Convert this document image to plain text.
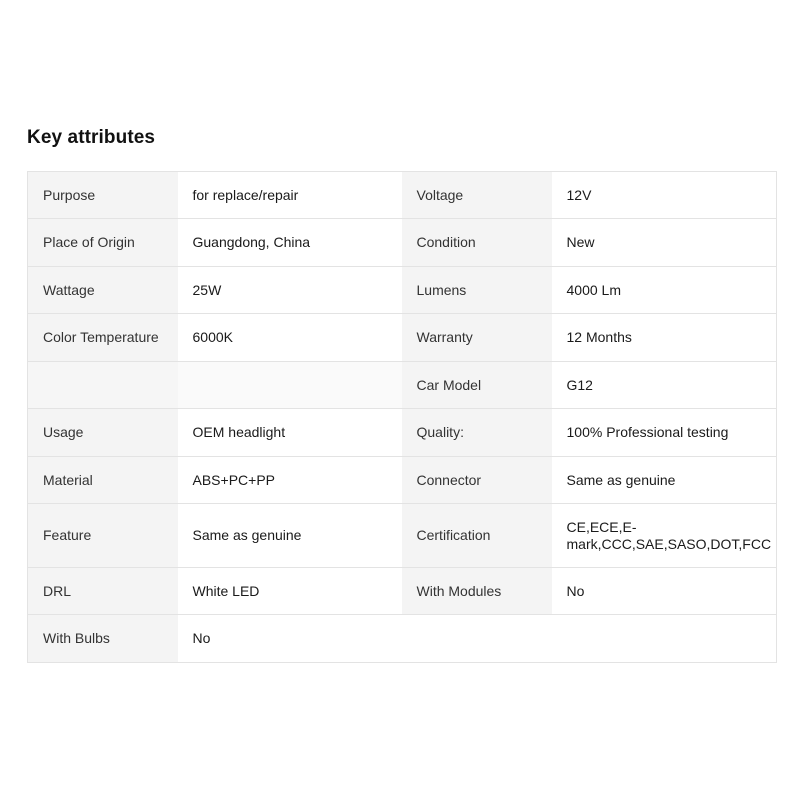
Key attributes
Purpose	for replace/repair	Voltage	12V
Place of Origin	Guangdong, China	Condition	New
Wattage	25W	Lumens	4000 Lm
Color Temperature	6000K	Warranty	12 Months
		Car Model	G12
Usage	OEM headlight	Quality:	100% Professional testing
Material	ABS+PC+PP	Connector	Same as genuine
Feature	Same as genuine	Certification	CE,ECE,E-mark,CCC,SAE,SASO,DOT,FCC
DRL	White LED	With Modules	No
With Bulbs	No		
